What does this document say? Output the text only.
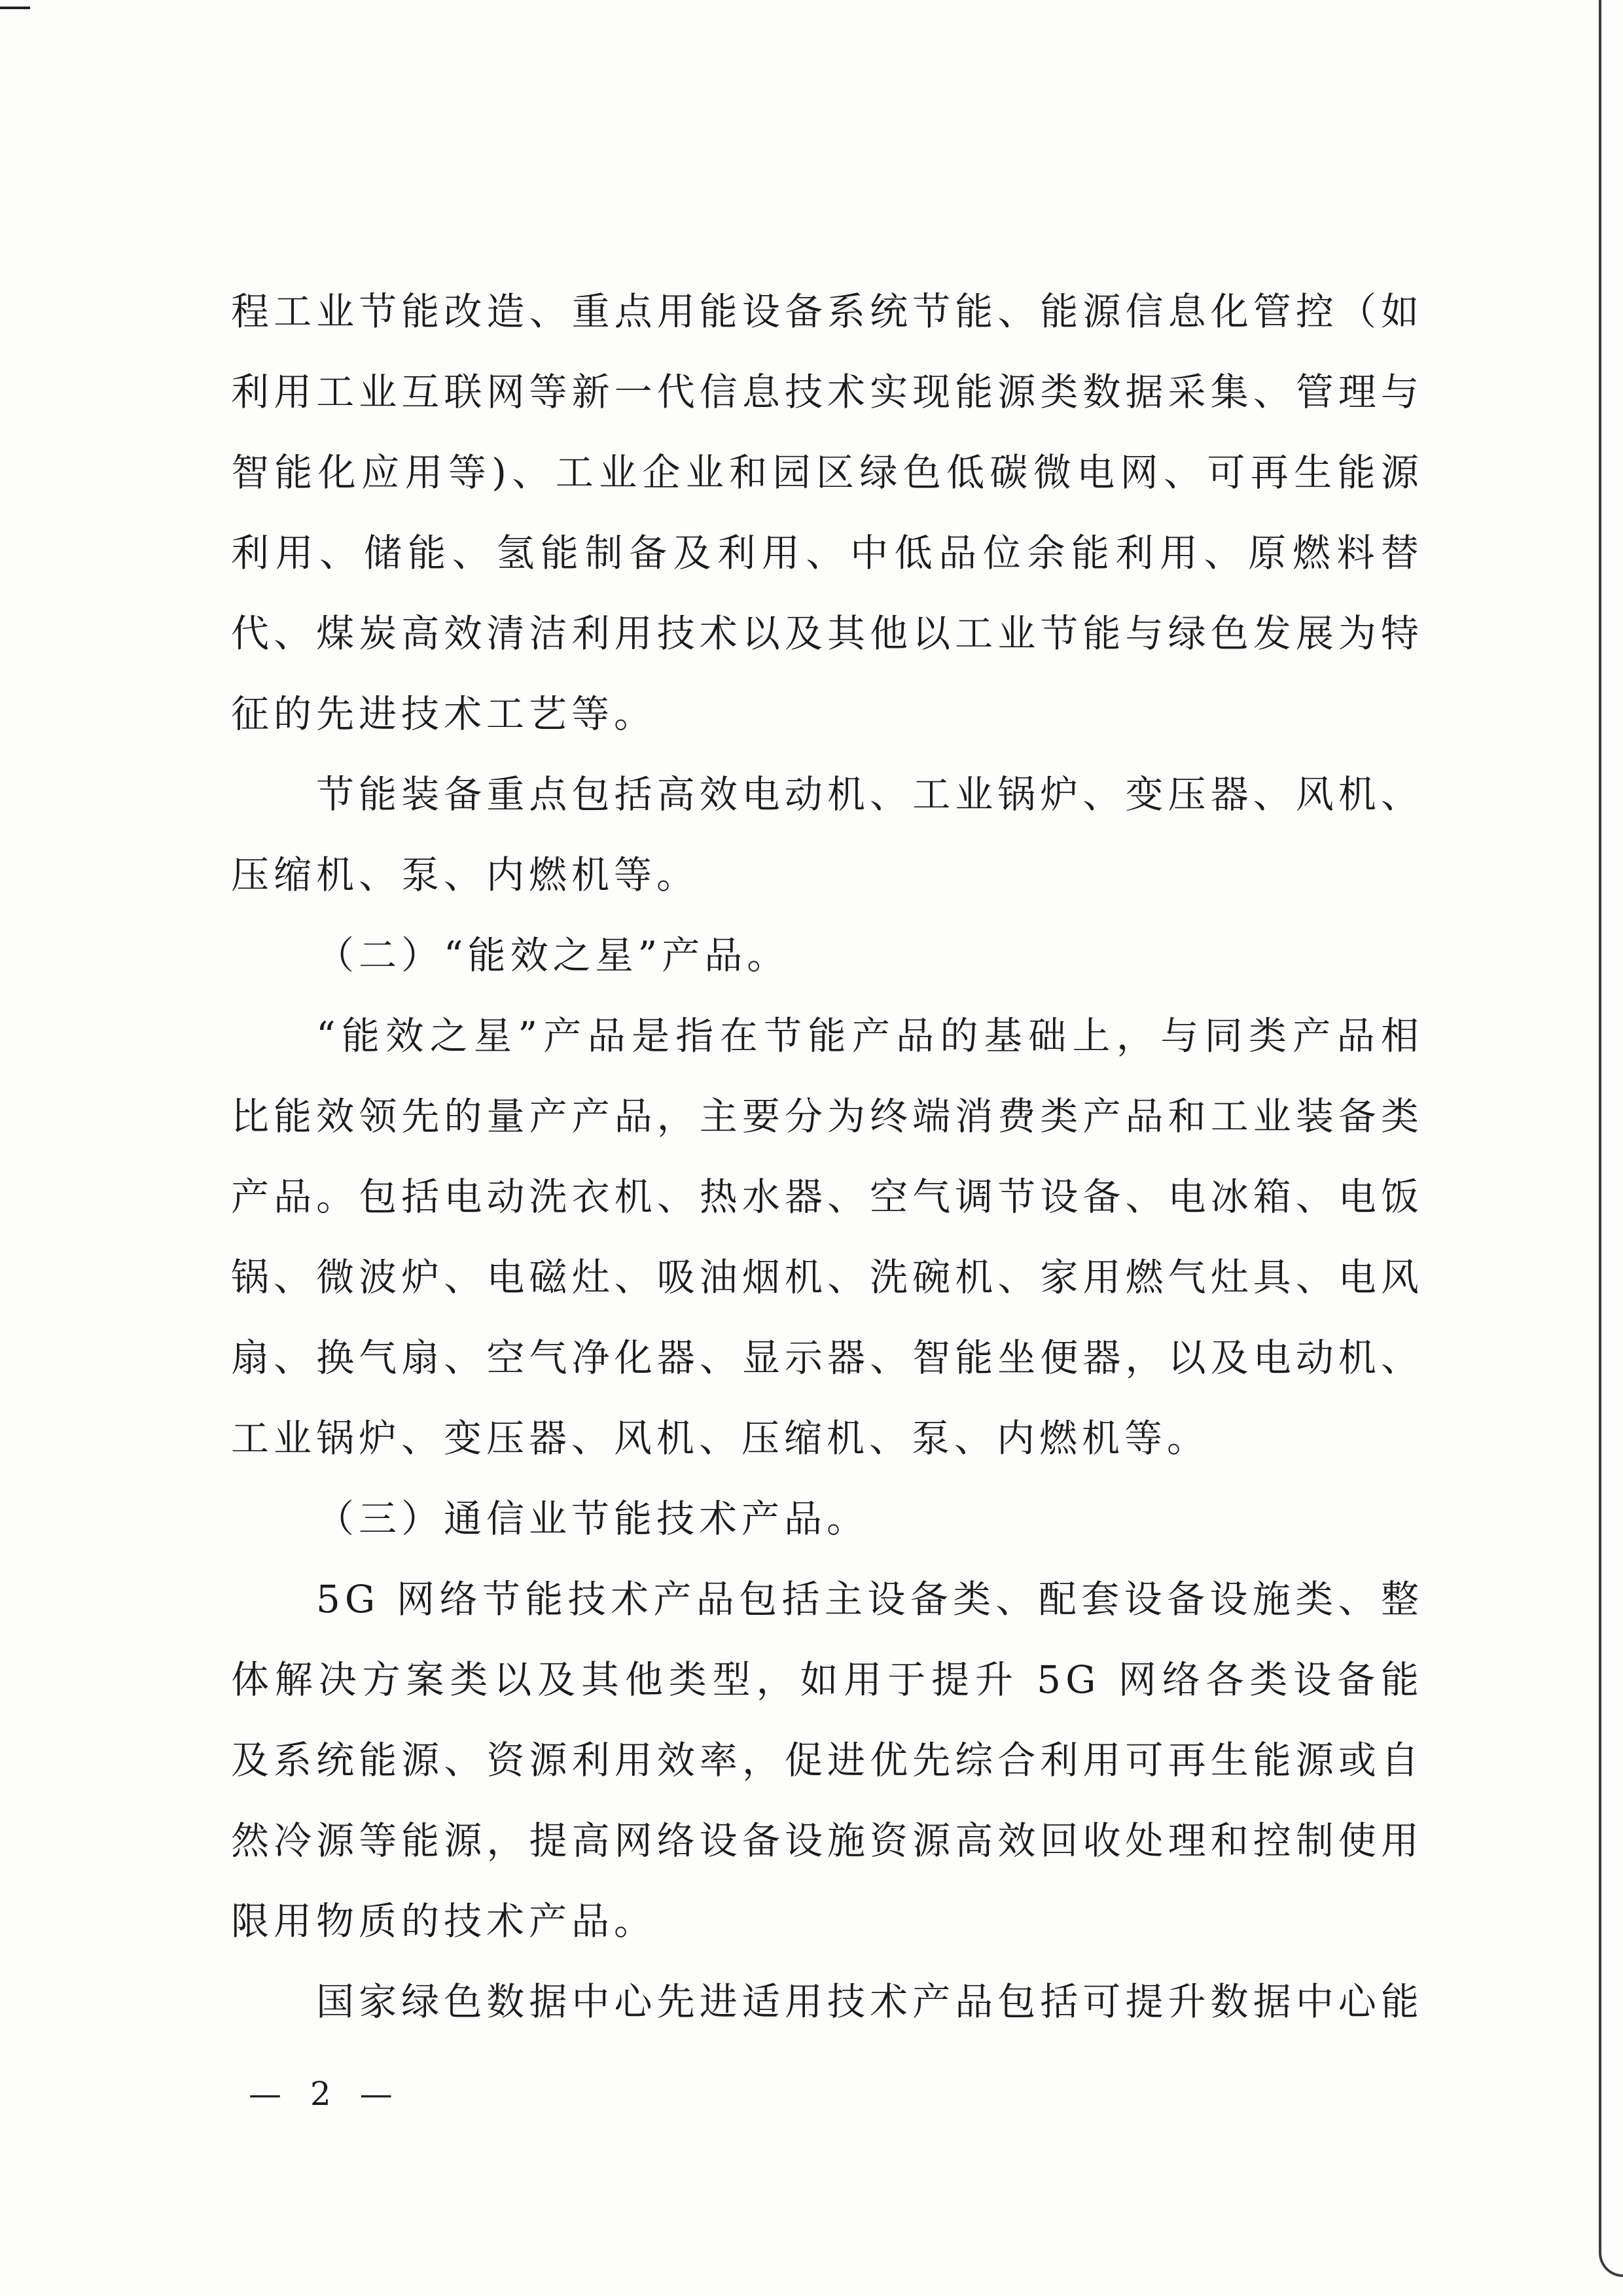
程工业节能改造、重点用能设备系统节能、能源信息化管控（如
利用工业互联网等新一代信息技术实现能源类数据采集、管理与
智能化应用等)、工业企业和园区绿色低碳微电网、可再生能源
利用、储能、氢能制备及利用、中低品位余能利用、原燃料替
代、煤炭高效清洁利用技术以及其他以工业节能与绿色发展为特
征的先进技术工艺等。
节能装备重点包括高效电动机、工业锅炉、变压器、风机、
压缩机、泵、内燃机等。
（二）“能效之星”产品。
“能效之星”产品是指在节能产品的基础上，与同类产品相
比能效领先的量产产品，主要分为终端消费类产品和工业装备类
产品。包括电动洗衣机、热水器、空气调节设备、电冰箱、电饭
锅、微波炉、电磁灶、吸油烟机、洗碗机、家用燃气灶具、电风
扇、换气扇、空气净化器、显示器、智能坐便器，以及电动机、
工业锅炉、变压器、风机、压缩机、泵、内燃机等。
（三）通信业节能技术产品。
5G 网络节能技术产品包括主设备类、配套设备设施类、整
体解决方案类以及其他类型，如用于提升 5G 网络各类设备能
及系统能源、资源利用效率，促进优先综合利用可再生能源或自
然冷源等能源，提高网络设备设施资源高效回收处理和控制使用
限用物质的技术产品。
国家绿色数据中心先进适用技术产品包括可提升数据中心能
— 2 —
